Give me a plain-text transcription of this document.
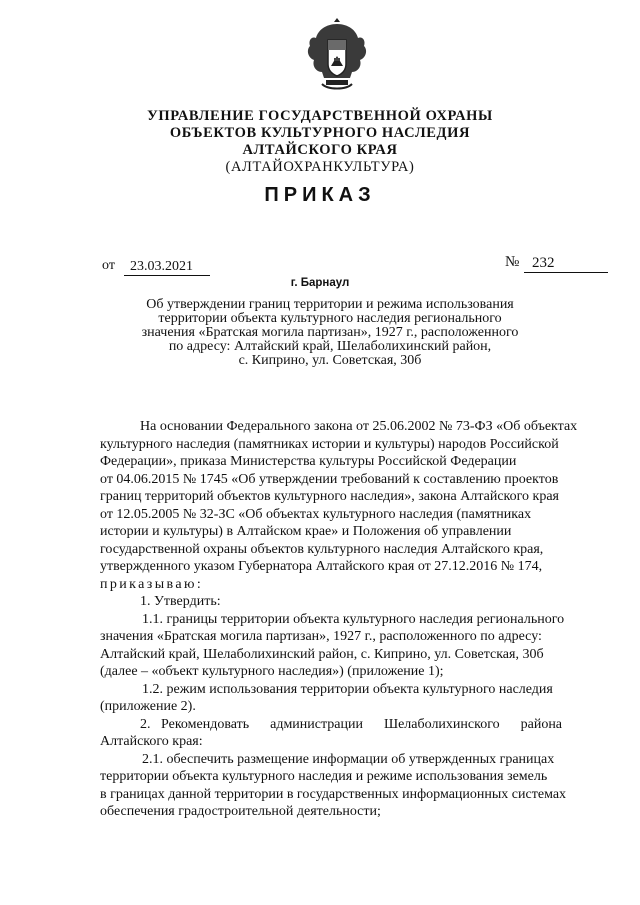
УПРАВЛЕНИЕ ГОСУДАРСТВЕННОЙ ОХРАНЫ
ОБЪЕКТОВ КУЛЬТУРНОГО НАСЛЕДИЯ
АЛТАЙСКОГО КРАЯ
(АЛТАЙОХРАНКУЛЬТУРА)
ПРИКАЗ
от	23.03.2021	№ 232
г. Барнаул
Об утверждении границ территории и режима использования
территории объекта культурного наследия регионального
значения «Братская могила партизан», 1927 г., расположенного
по адресу: Алтайский край, Шелаболихинский район,
с. Киприно, ул. Советская, 30б
На основании Федерального закона от 25.06.2002 № 73-ФЗ «Об объектах
культурного наследия (памятниках истории и культуры) народов Российской
Федерации», приказа Министерства культуры Российской Федерации
от 04.06.2015 № 1745 «Об утверждении требований к составлению проектов
границ территорий объектов культурного наследия», закона Алтайского края
от 12.05.2005 № 32-ЗС «Об объектах культурного наследия (памятниках
истории и культуры) в Алтайском крае» и Положения об управлении
государственной охраны объектов культурного наследия Алтайского края,
утвержденного указом Губернатора Алтайского края от 27.12.2016 № 174,
приказываю:
1. Утвердить:
1.1. границы территории объекта культурного наследия регионального
значения «Братская могила партизан», 1927 г., расположенного по адресу:
Алтайский край, Шелаболихинский район, с. Киприно, ул. Советская, 30б
(далее – «объект культурного наследия») (приложение 1);
1.2. режим использования территории объекта культурного наследия
(приложение 2).
2.   Рекомендовать      администрации      Шелаболихинского      района
Алтайского края:
2.1. обеспечить размещение информации об утвержденных границах
территории объекта культурного наследия и режиме использования земель
в границах данной территории в государственных информационных системах
обеспечения градостроительной деятельности;
